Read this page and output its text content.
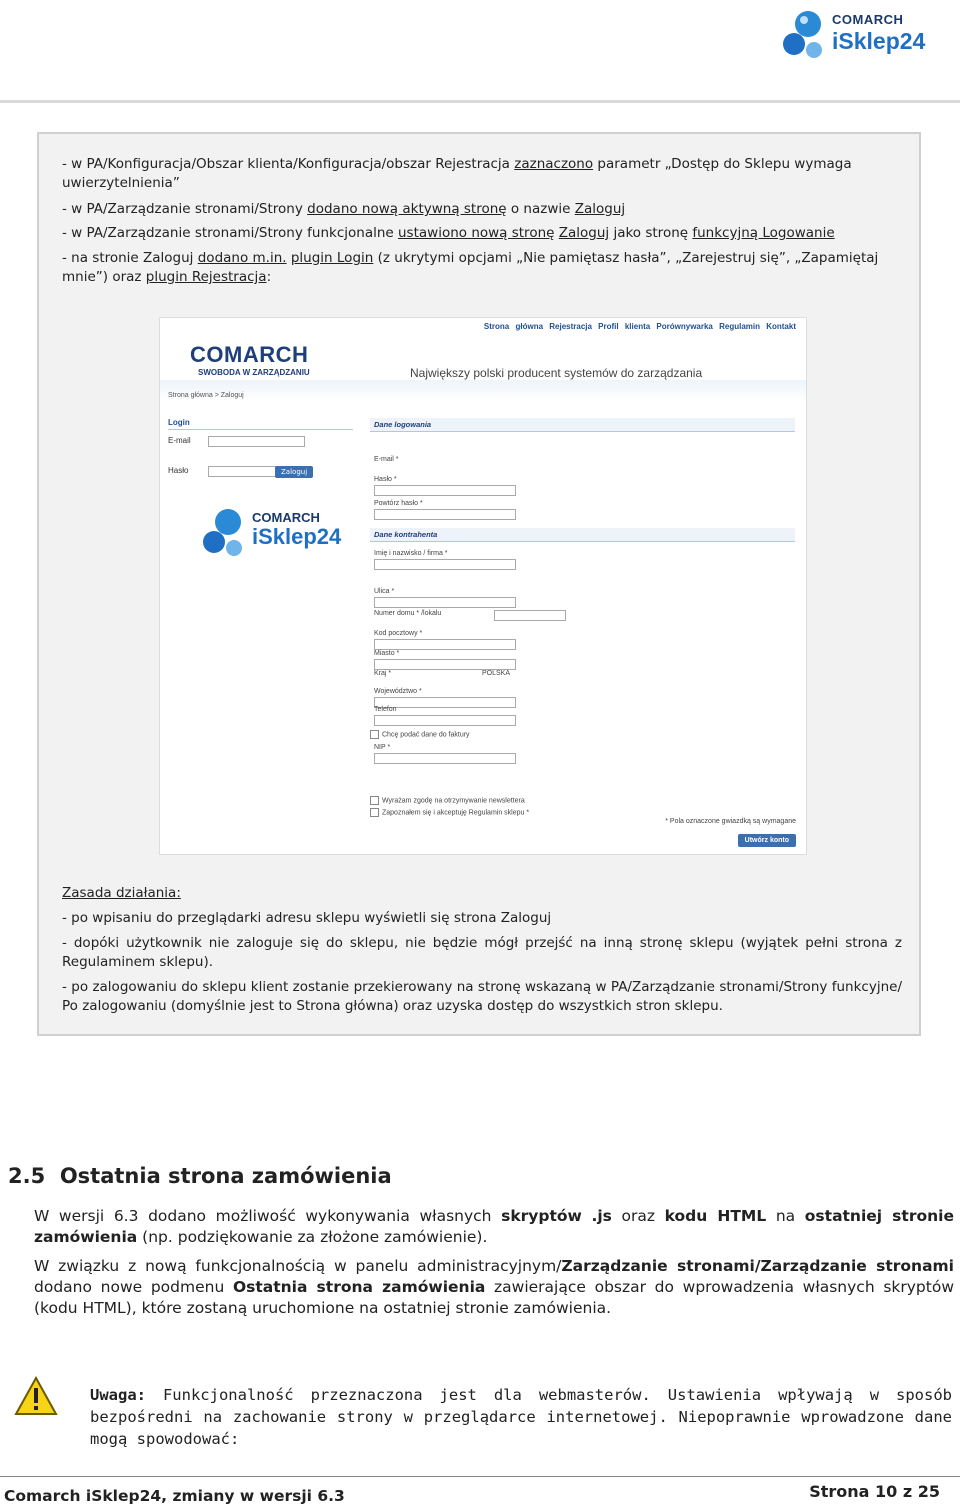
COMARCH
iSklep24

- w PA/Konfiguracja/Obszar klienta/Konfiguracja/obszar Rejestracja zaznaczono parametr „Dostęp do Sklepu wymaga uwierzytelnienia”

- w PA/Zarządzanie stronami/Strony dodano nową aktywną stronę o nazwie Zaloguj

- w PA/Zarządzanie stronami/Strony funkcjonalne ustawiono nową stronę Zaloguj jako stronę funkcyjną Logowanie

- na stronie Zaloguj dodano m.in. plugin Login (z ukrytymi opcjami „Nie pamiętasz hasła”, „Zarejestruj się”, „Zapamiętaj mnie”) oraz plugin Rejestracja:

Strona główna Rejestracja Profil klienta Porównywarka Regulamin Kontakt
COMARCH
SWOBODA W ZARZĄDZANIU	Największy polski producent systemów do zarządzania
Strona główna > Zaloguj
Login
E-mail
Hasło	Zaloguj
COMARCH
iSklep24
Dane logowania
E-mail *
Hasło *
Powtórz hasło *
Dane kontrahenta
Imię i nazwisko / firma *
Ulica *
Numer domu * /lokalu
Kod pocztowy *
Miasto *
Kraj *	POLSKA
Województwo *
Telefon
Chcę podać dane do faktury
NIP *
Wyrażam zgodę na otrzymywanie newslettera
Zapoznałem się i akceptuję Regulamin sklepu *
* Pola oznaczone gwiazdką są wymagane
Utwórz konto

Zasada działania:

- po wpisaniu do przeglądarki adresu sklepu wyświetli się strona Zaloguj

- dopóki użytkownik nie zaloguje się do sklepu, nie będzie mógł przejść na inną stronę sklepu (wyjątek pełni strona z Regulaminem sklepu).

- po zalogowaniu do sklepu klient zostanie przekierowany na stronę wskazaną w PA/Zarządzanie stronami/Strony funkcyjne/ Po zalogowaniu (domyślnie jest to Strona główna) oraz uzyska dostęp do wszystkich stron sklepu.

2.5 Ostatnia strona zamówienia

W wersji 6.3 dodano możliwość wykonywania własnych skryptów .js oraz kodu HTML na ostatniej stronie zamówienia (np. podziękowanie za złożone zamówienie).

W związku z nową funkcjonalnością w panelu administracyjnym/Zarządzanie stronami/Zarządzanie stronami dodano nowe podmenu Ostatnia strona zamówienia zawierające obszar do wprowadzenia własnych skryptów (kodu HTML), które zostaną uruchomione na ostatniej stronie zamówienia.

Uwaga: Funkcjonalność przeznaczona jest dla webmasterów. Ustawienia wpływają w sposób bezpośredni na zachowanie strony w przeglądarce internetowej. Niepoprawnie wprowadzone dane mogą spowodować:

Comarch iSklep24, zmiany w wersji 6.3	Strona 10 z 25
